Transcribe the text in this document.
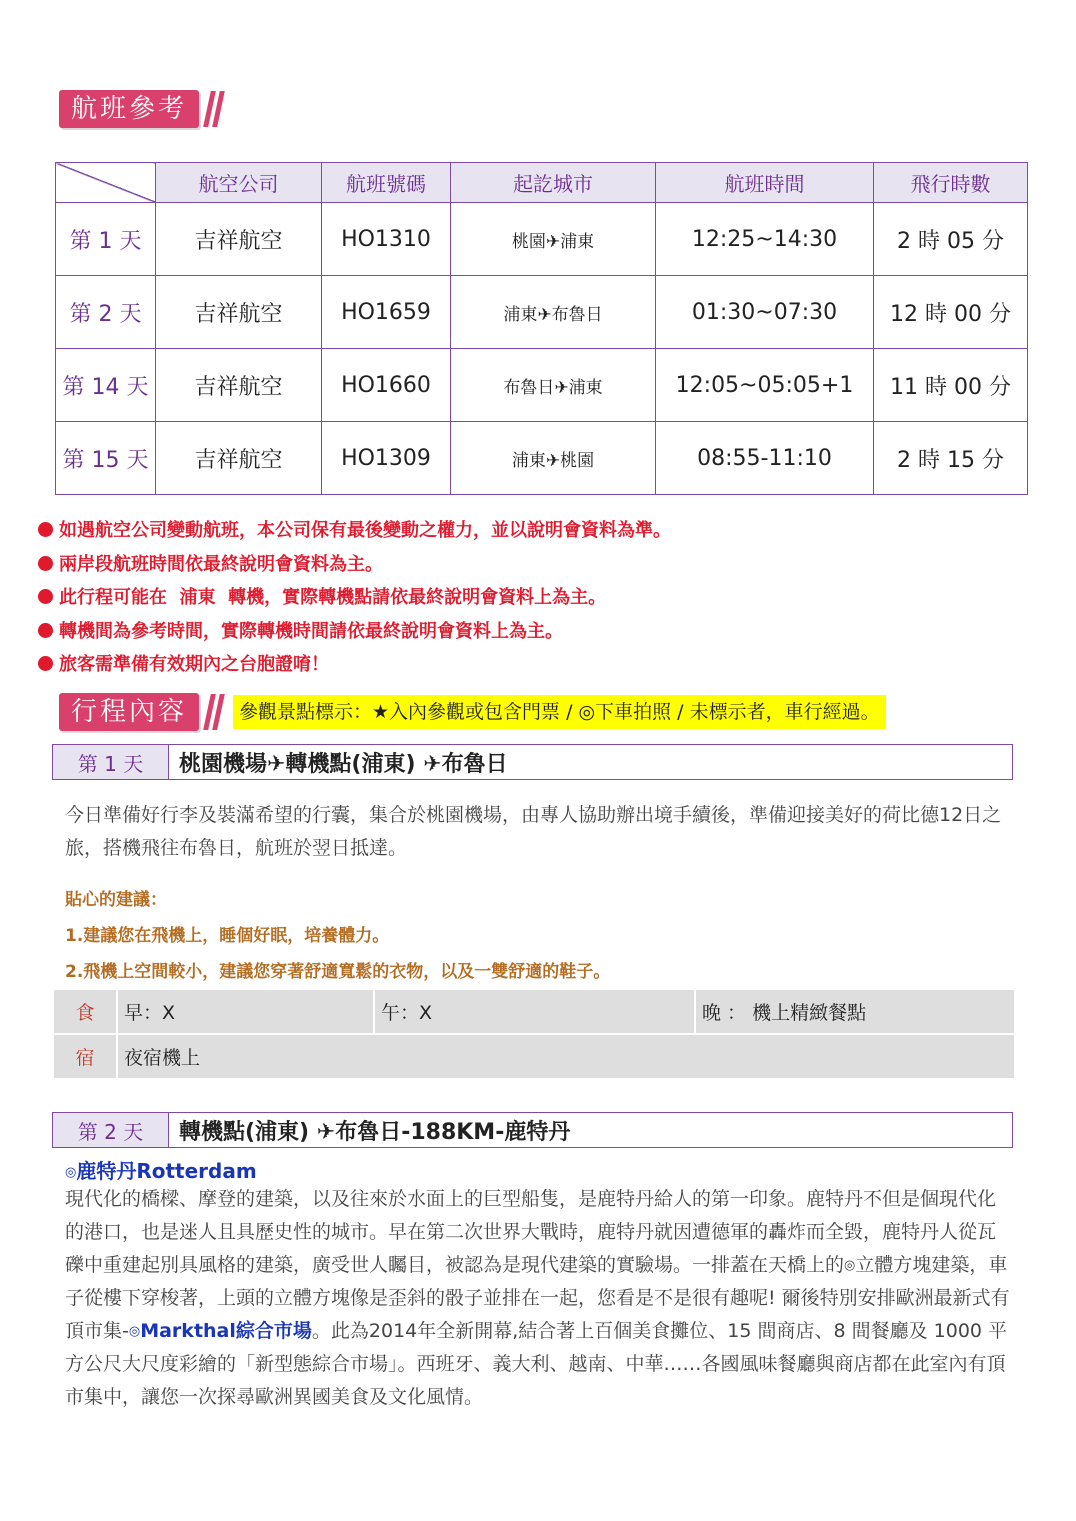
航班參考
	航空公司	航班號碼	起訖城市	航班時間	飛行時數
第 1 天	吉祥航空	HO1310	桃園✈浦東	12:25~14:30	2 時 05 分
第 2 天	吉祥航空	HO1659	浦東✈布魯日	01:30~07:30	12 時 00 分
第 14 天	吉祥航空	HO1660	布魯日✈浦東	12:05~05:05+1	11 時 00 分
第 15 天	吉祥航空	HO1309	浦東✈桃園	08:55-11:10	2 時 15 分
如遇航空公司變動航班，本公司保有最後變動之權力，並以說明會資料為準。
兩岸段航班時間依最終說明會資料為主。
此行程可能在  浦東  轉機，實際轉機點請依最終說明會資料上為主。
轉機間為參考時間，實際轉機時間請依最終說明會資料上為主。
旅客需準備有效期內之台胞證唷！
行程內容	參觀景點標示：★入內參觀或包含門票 / ◎下車拍照 / 未標示者，車行經過。
第 1 天	桃園機場✈轉機點(浦東) ✈布魯日
今日準備好行李及裝滿希望的行囊，集合於桃園機場，由專人協助辦出境手續後，準備迎接美好的荷比德12日之旅，搭機飛往布魯日，航班於翌日抵達。
貼心的建議：
1.建議您在飛機上，睡個好眠，培養體力。
2.飛機上空間較小，建議您穿著舒適寬鬆的衣物，以及一雙舒適的鞋子。
食	早：X	午：X	晚 ： 機上精緻餐點
宿	夜宿機上		
第 2 天	轉機點(浦東) ✈布魯日-188KM-鹿特丹
◎鹿特丹Rotterdam
現代化的橋樑、摩登的建築，以及往來於水面上的巨型船隻，是鹿特丹給人的第一印象。鹿特丹不但是個現代化的港口，也是迷人且具歷史性的城市。早在第二次世界大戰時，鹿特丹就因遭德軍的轟炸而全毀，鹿特丹人從瓦礫中重建起別具風格的建築，廣受世人矚目，被認為是現代建築的實驗場。一排蓋在天橋上的◎立體方塊建築，車子從樓下穿梭著，上頭的立體方塊像是歪斜的骰子並排在一起，您看是不是很有趣呢! 爾後特別安排歐洲最新式有頂市集-◎Markthal綜合市場。此為2014年全新開幕,結合著上百個美食攤位、15 間商店、8 間餐廳及 1000 平方公尺大尺度彩繪的「新型態綜合市場」。西班牙、義大利、越南、中華……各國風味餐廳與商店都在此室內有頂市集中，讓您一次探尋歐洲異國美食及文化風情。
